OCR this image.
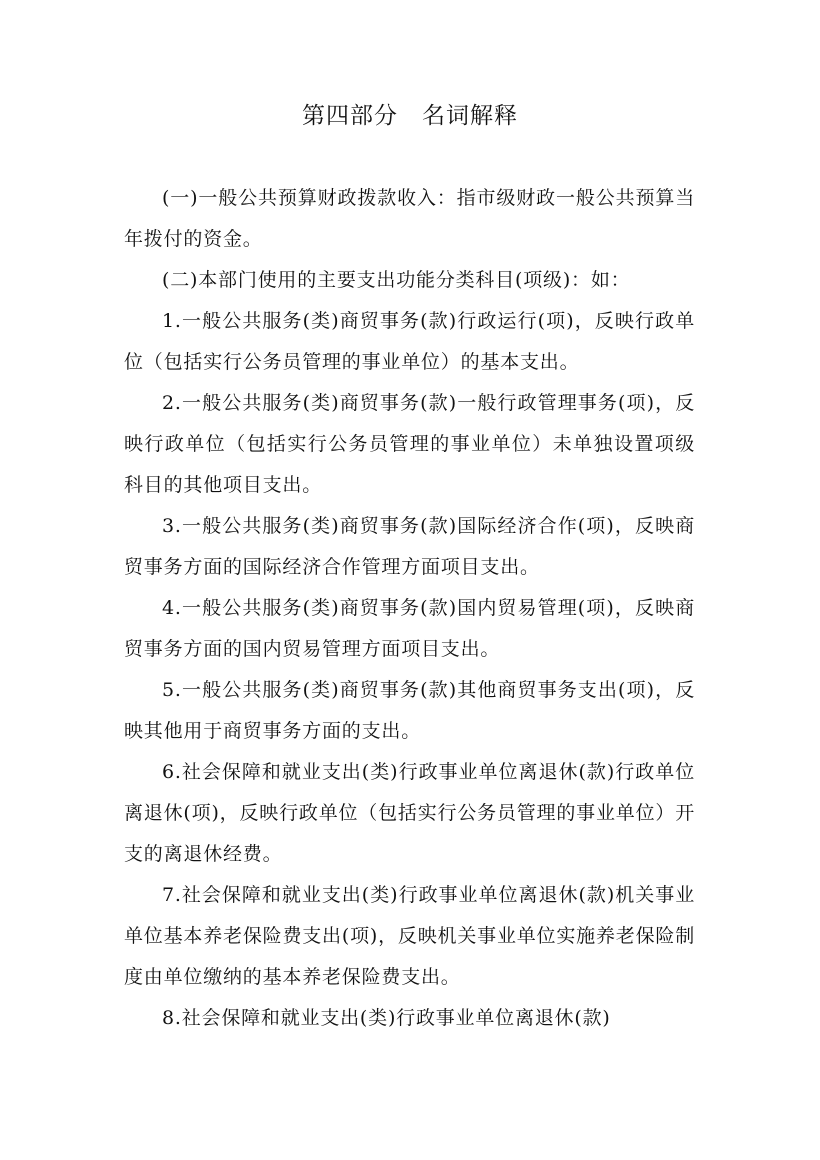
第四部分　名词解释

(一)一般公共预算财政拨款收入：指市级财政一般公共预算当年拨付的资金。

(二)本部门使用的主要支出功能分类科目(项级)：如：

1.一般公共服务(类)商贸事务(款)行政运行(项)，反映行政单位（包括实行公务员管理的事业单位）的基本支出。

2.一般公共服务(类)商贸事务(款)一般行政管理事务(项)，反映行政单位（包括实行公务员管理的事业单位）未单独设置项级科目的其他项目支出。

3.一般公共服务(类)商贸事务(款)国际经济合作(项)，反映商贸事务方面的国际经济合作管理方面项目支出。

4.一般公共服务(类)商贸事务(款)国内贸易管理(项)，反映商贸事务方面的国内贸易管理方面项目支出。

5.一般公共服务(类)商贸事务(款)其他商贸事务支出(项)，反映其他用于商贸事务方面的支出。

6.社会保障和就业支出(类)行政事业单位离退休(款)行政单位离退休(项)，反映行政单位（包括实行公务员管理的事业单位）开支的离退休经费。

7.社会保障和就业支出(类)行政事业单位离退休(款)机关事业单位基本养老保险费支出(项)，反映机关事业单位实施养老保险制度由单位缴纳的基本养老保险费支出。

8.社会保障和就业支出(类)行政事业单位离退休(款)
